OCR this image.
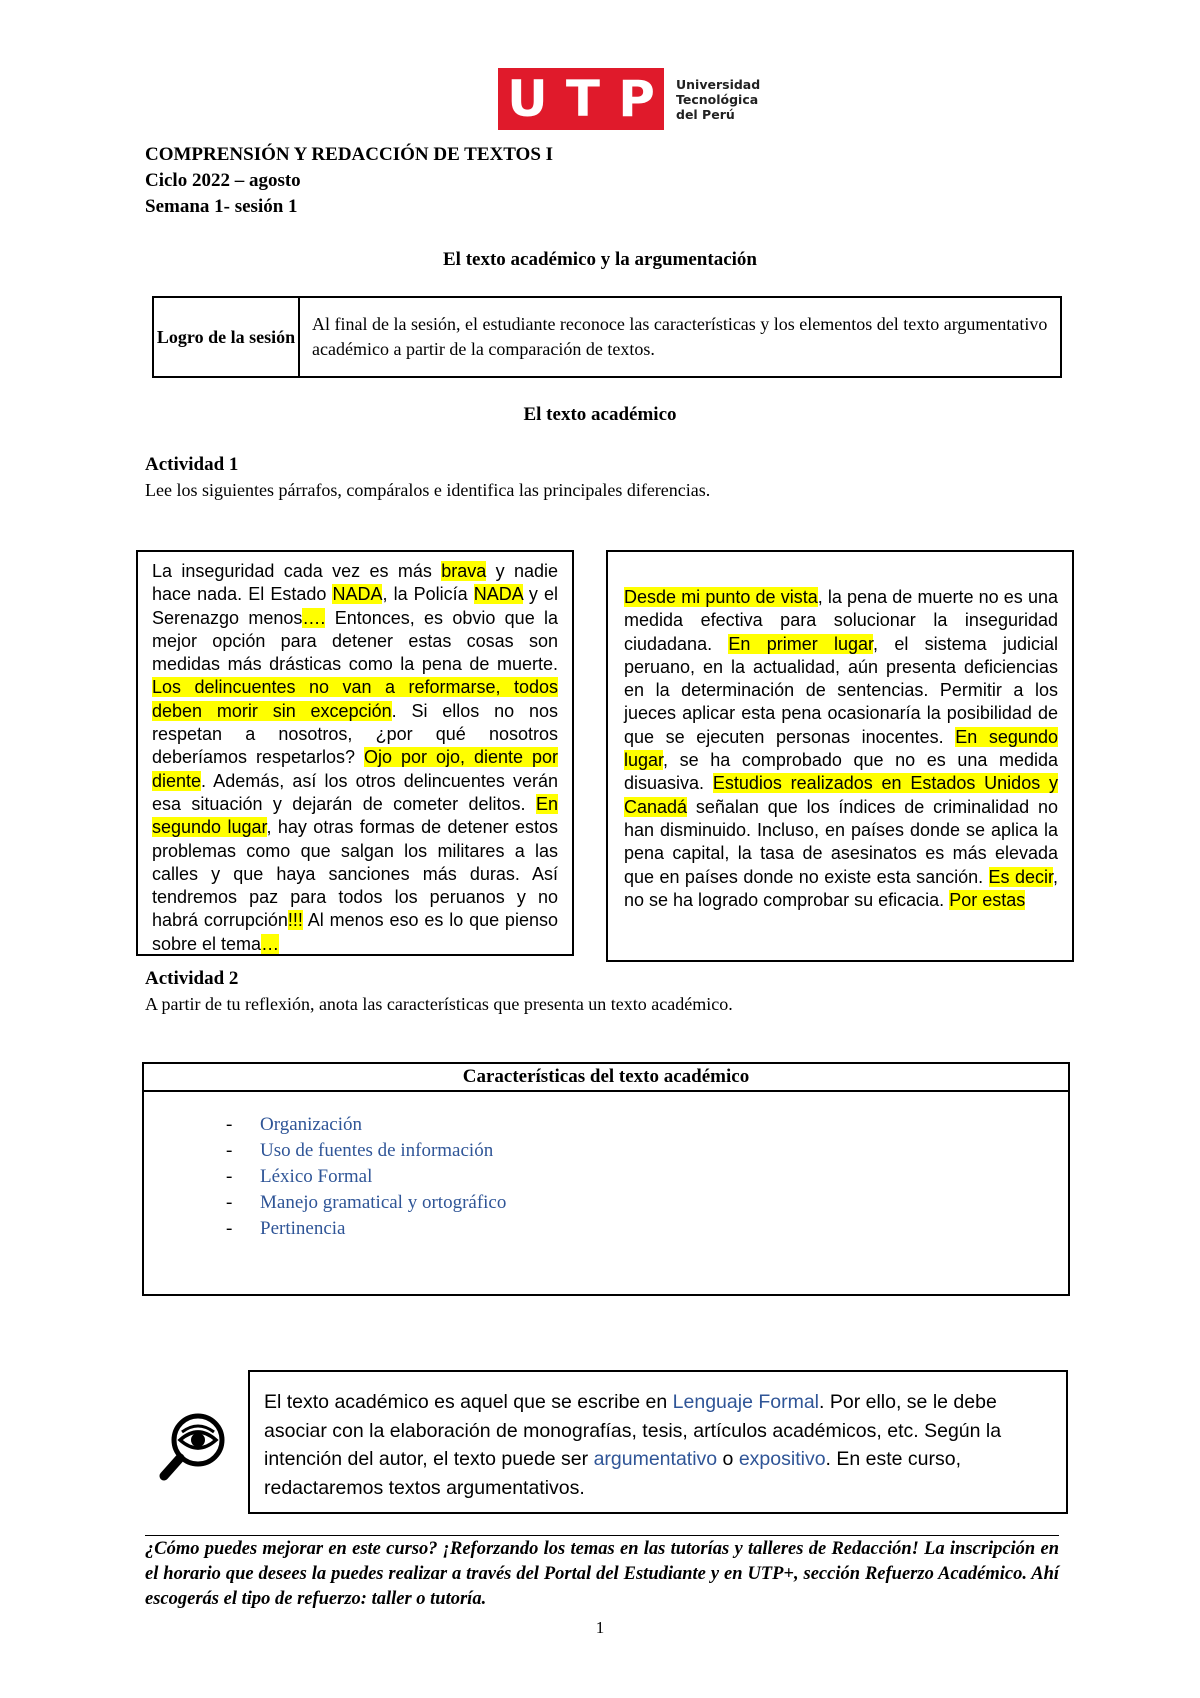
U T P Universidad
Tecnológica
del Perú
COMPRENSIÓN Y REDACCIÓN DE TEXTOS I
Ciclo 2022 – agosto
Semana 1- sesión 1
El texto académico y la argumentación
Logro de la sesión
Al final de la sesión, el estudiante reconoce las características y los elementos del texto argumentativo académico a partir de la comparación de textos.
El texto académico
Actividad 1
Lee los siguientes párrafos, compáralos e identifica las principales diferencias.
La inseguridad cada vez es más brava y nadie hace nada. El Estado NADA, la Policía NADA y el Serenazgo menos…. Entonces, es obvio que la mejor opción para detener estas cosas son medidas más drásticas como la pena de muerte. Los delincuentes no van a reformarse, todos deben morir sin excepción. Si ellos no nos respetan a nosotros, ¿por qué nosotros deberíamos respetarlos? Ojo por ojo, diente por diente. Además, así los otros delincuentes verán esa situación y dejarán de cometer delitos. En segundo lugar, hay otras formas de detener estos problemas como que salgan los militares a las calles y que haya sanciones más duras. Así tendremos paz para todos los peruanos y no habrá corrupción!!! Al menos eso es lo que pienso sobre el tema…
Desde mi punto de vista, la pena de muerte no es una medida efectiva para solucionar la inseguridad ciudadana. En primer lugar, el sistema judicial peruano, en la actualidad, aún presenta deficiencias en la determinación de sentencias. Permitir a los jueces aplicar esta pena ocasionaría la posibilidad de que se ejecuten personas inocentes. En segundo lugar, se ha comprobado que no es una medida disuasiva. Estudios realizados en Estados Unidos y Canadá señalan que los índices de criminalidad no han disminuido. Incluso, en países donde se aplica la pena capital, la tasa de asesinatos es más elevada que en países donde no existe esta sanción. Es decir, no se ha logrado comprobar su eficacia. Por estas
Actividad 2
A partir de tu reflexión, anota las características que presenta un texto académico.
Características del texto académico
-	Organización
-	Uso de fuentes de información
-	Léxico Formal
-	Manejo gramatical y ortográfico
-	Pertinencia
El texto académico es aquel que se escribe en Lenguaje Formal. Por ello, se le debe asociar con la elaboración de monografías, tesis, artículos académicos, etc. Según la intención del autor, el texto puede ser argumentativo o expositivo. En este curso, redactaremos textos argumentativos.
¿Cómo puedes mejorar en este curso? ¡Reforzando los temas en las tutorías y talleres de Redacción! La inscripción en el horario que desees la puedes realizar a través del Portal del Estudiante y en UTP+, sección Refuerzo Académico. Ahí escogerás el tipo de refuerzo: taller o tutoría.
1
